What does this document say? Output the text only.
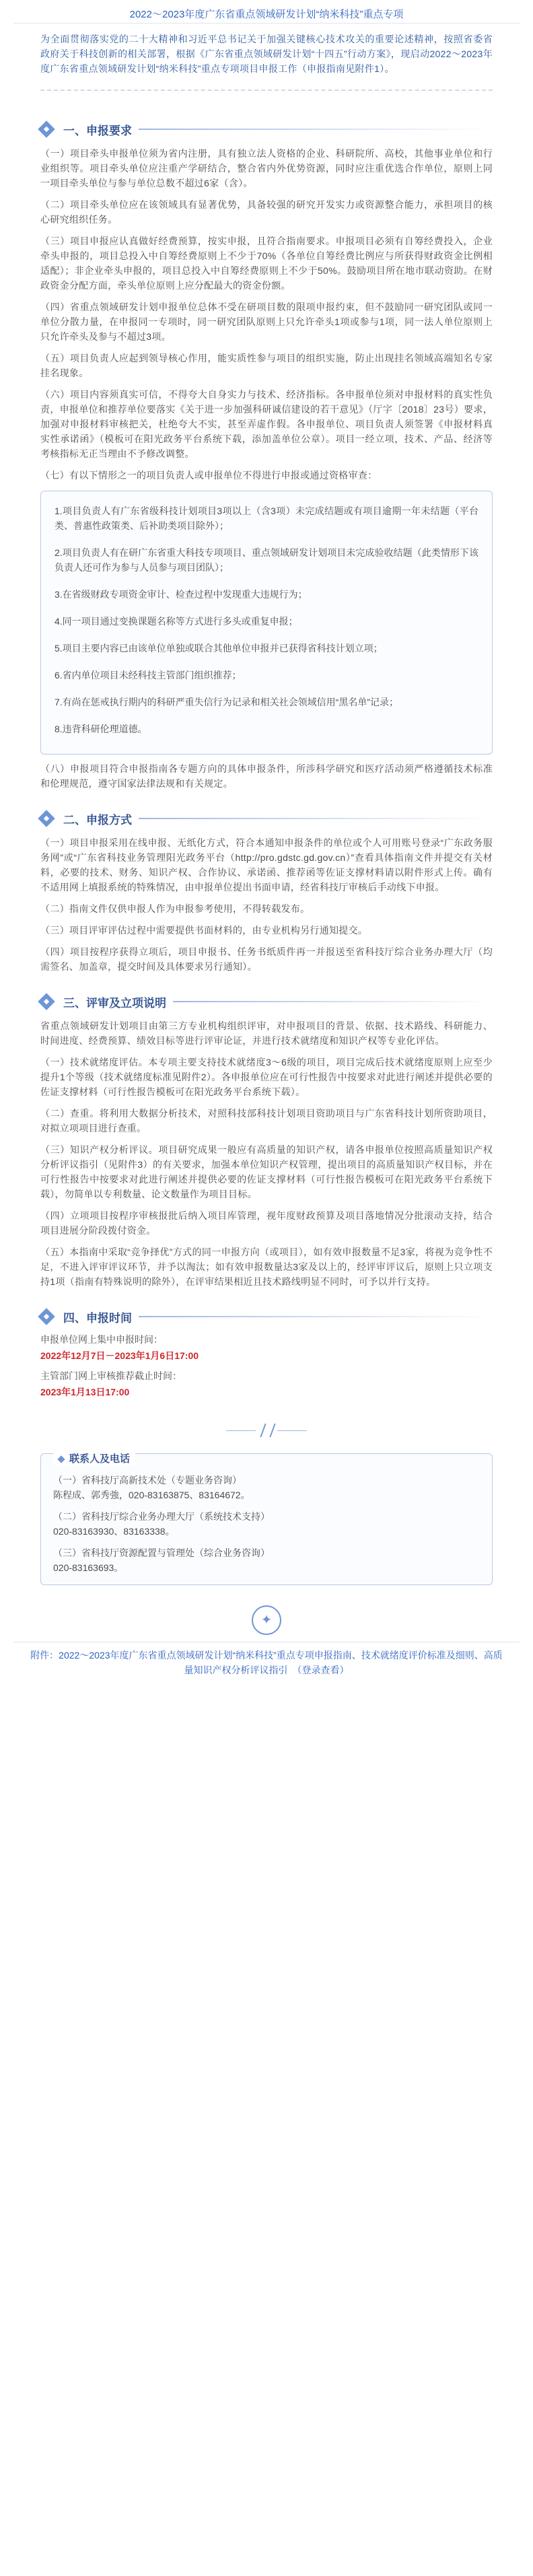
2022～2023年度广东省重点领域研发计划“纳米科技”重点专项
为全面贯彻落实党的二十大精神和习近平总书记关于加强关键核心技术攻关的重要论述精神，按照省委省政府关于科技创新的相关部署，根据《广东省重点领域研发计划“十四五”行动方案》，现启动2022～2023年度广东省重点领域研发计划“纳米科技”重点专项项目申报工作（申报指南见附件1）。
一、申报要求
（一）项目牵头申报单位须为省内注册，具有独立法人资格的企业、科研院所、高校，其他事业单位和行业组织等。项目牵头单位应注重产学研结合，整合省内外优势资源，同时应注重优选合作单位，原则上同一项目牵头单位与参与单位总数不超过6家（含）。
（二）项目牵头单位应在该领域具有显著优势，具备较强的研究开发实力或资源整合能力，承担项目的核心研究组织任务。
（三）项目申报应认真做好经费预算，按实申报，且符合指南要求。申报项目必须有自筹经费投入，企业牵头申报的，项目总投入中自筹经费原则上不少于70%（各单位自筹经费比例应与所获得财政资金比例相适配）；非企业牵头申报的，项目总投入中自筹经费原则上不少于50%。鼓励项目所在地市联动资助。在财政资金分配方面，牵头单位原则上应分配最大的资金份额。
（四）省重点领域研发计划申报单位总体不受在研项目数的限项申报约束，但不鼓励同一研究团队或同一单位分散力量，在申报同一专项时，同一研究团队原则上只允许牵头1项或参与1项，同一法人单位原则上只允许牵头及参与不超过3项。
（五）项目负责人应起到领导核心作用，能实质性参与项目的组织实施，防止出现挂名领域高端知名专家挂名现象。
（六）项目内容须真实可信，不得夸大自身实力与技术、经济指标。各申报单位须对申报材料的真实性负责，申报单位和推荐单位要落实《关于进一步加强科研诚信建设的若干意见》（厅字〔2018〕23号）要求，加强对申报材料审核把关，杜绝夸大不实，甚至弄虚作假。各申报单位、项目负责人须签署《申报材料真实性承诺函》（模板可在阳光政务平台系统下载，添加盖单位公章）。项目一经立项，技术、产品、经济等考核指标无正当理由不予修改调整。
（七）有以下情形之一的项目负责人或申报单位不得进行申报或通过资格审查：
1.项目负责人有广东省级科技计划项目3项以上（含3项）未完成结题或有项目逾期一年未结题（平台类、普惠性政策类、后补助类项目除外）；
2.项目负责人有在研广东省重大科技专项项目、重点领域研发计划项目未完成验收结题（此类情形下该负责人还可作为参与人员参与项目团队）；
3.在省级财政专项资金审计、检查过程中发现重大违规行为；
4.同一项目通过变换课题名称等方式进行多头或重复申报；
5.项目主要内容已由该单位单独或联合其他单位申报并已获得省科技计划立项；
6.省内单位项目未经科技主管部门组织推荐；
7.有尚在惩戒执行期内的科研严重失信行为记录和相关社会领域信用“黑名单”记录；
8.违背科研伦理道德。
（八）申报项目符合申报指南各专题方向的具体申报条件，所涉科学研究和医疗活动须严格遵循技术标准和伦理规范，遵守国家法律法规和有关规定。
二、申报方式
（一）项目申报采用在线申报、无纸化方式，符合本通知申报条件的单位或个人可用账号登录“广东政务服务网”或“广东省科技业务管理阳光政务平台（http://pro.gdstc.gd.gov.cn）”查看具体指南文件并提交有关材料，必要的技术、财务、知识产权、合作协议、承诺函、推荐函等佐证支撑材料请以附件形式上传。确有不适用网上填报系统的特殊情况，由申报单位提出书面申请，经省科技厅审核后手动线下申报。
（二）指南文件仅供申报人作为申报参考使用，不得转载发布。
（三）项目评审评估过程中需要提供书面材料的，由专业机构另行通知提交。
（四）项目按程序获得立项后，项目申报书、任务书纸质件再一并报送至省科技厅综合业务办理大厅（均需签名、加盖章，提交时间及具体要求另行通知）。
三、评审及立项说明
省重点领域研发计划项目由第三方专业机构组织评审，对申报项目的背景、依据、技术路线、科研能力、时间进度、经费预算、绩效目标等进行评审论证，并进行技术就绪度和知识产权等专业化评估。
（一）技术就绪度评估。本专项主要支持技术就绪度3～6级的项目，项目完成后技术就绪度原则上应至少提升1个等级（技术就绪度标准见附件2）。各申报单位应在可行性报告中按要求对此进行阐述并提供必要的佐证支撑材料（可行性报告模板可在阳光政务平台系统下载）。
（二）查重。将利用大数据分析技术，对照科技部科技计划项目资助项目与广东省科技计划所资助项目，对拟立项项目进行查重。
（三）知识产权分析评议。项目研究成果一般应有高质量的知识产权，请各申报单位按照高质量知识产权分析评议指引（见附件3）的有关要求，加强本单位知识产权管理，提出项目的高质量知识产权目标，并在可行性报告中按要求对此进行阐述并提供必要的佐证支撑材料（可行性报告模板可在阳光政务平台系统下载），勿简单以专利数量、论文数量作为项目目标。
（四）立项项目按程序审核报批后纳入项目库管理，视年度财政预算及项目落地情况分批滚动支持，结合项目进展分阶段拨付资金。
（五）本指南中采取“竞争择优”方式的同一申报方向（或项目），如有效申报数量不足3家，将视为竞争性不足，不进入评审评议环节，并予以淘汰；如有效申报数量达3家及以上的，经评审评议后，原则上只立项支持1项（指南有特殊说明的除外），在评审结果相近且技术路线明显不同时，可予以并行支持。
四、申报时间
申报单位网上集中申报时间：
2022年12月7日－2023年1月6日17:00
主管部门网上审核推荐截止时间：
2023年1月13日17:00
联系人及电话
（一）省科技厅高新技术处（专题业务咨询）
陈程成、郭秀強，020-83163875、83164672。
（二）省科技厅综合业务办理大厅（系统技术支持）
020-83163930、83163338。
（三）省科技厅资源配置与管理处（综合业务咨询）
020-83163693。
✦
附件：2022～2023年度广东省重点领域研发计划“纳米科技”重点专项申报指南、技术就绪度评价标准及细则、高质量知识产权分析评议指引　（登录查看）
